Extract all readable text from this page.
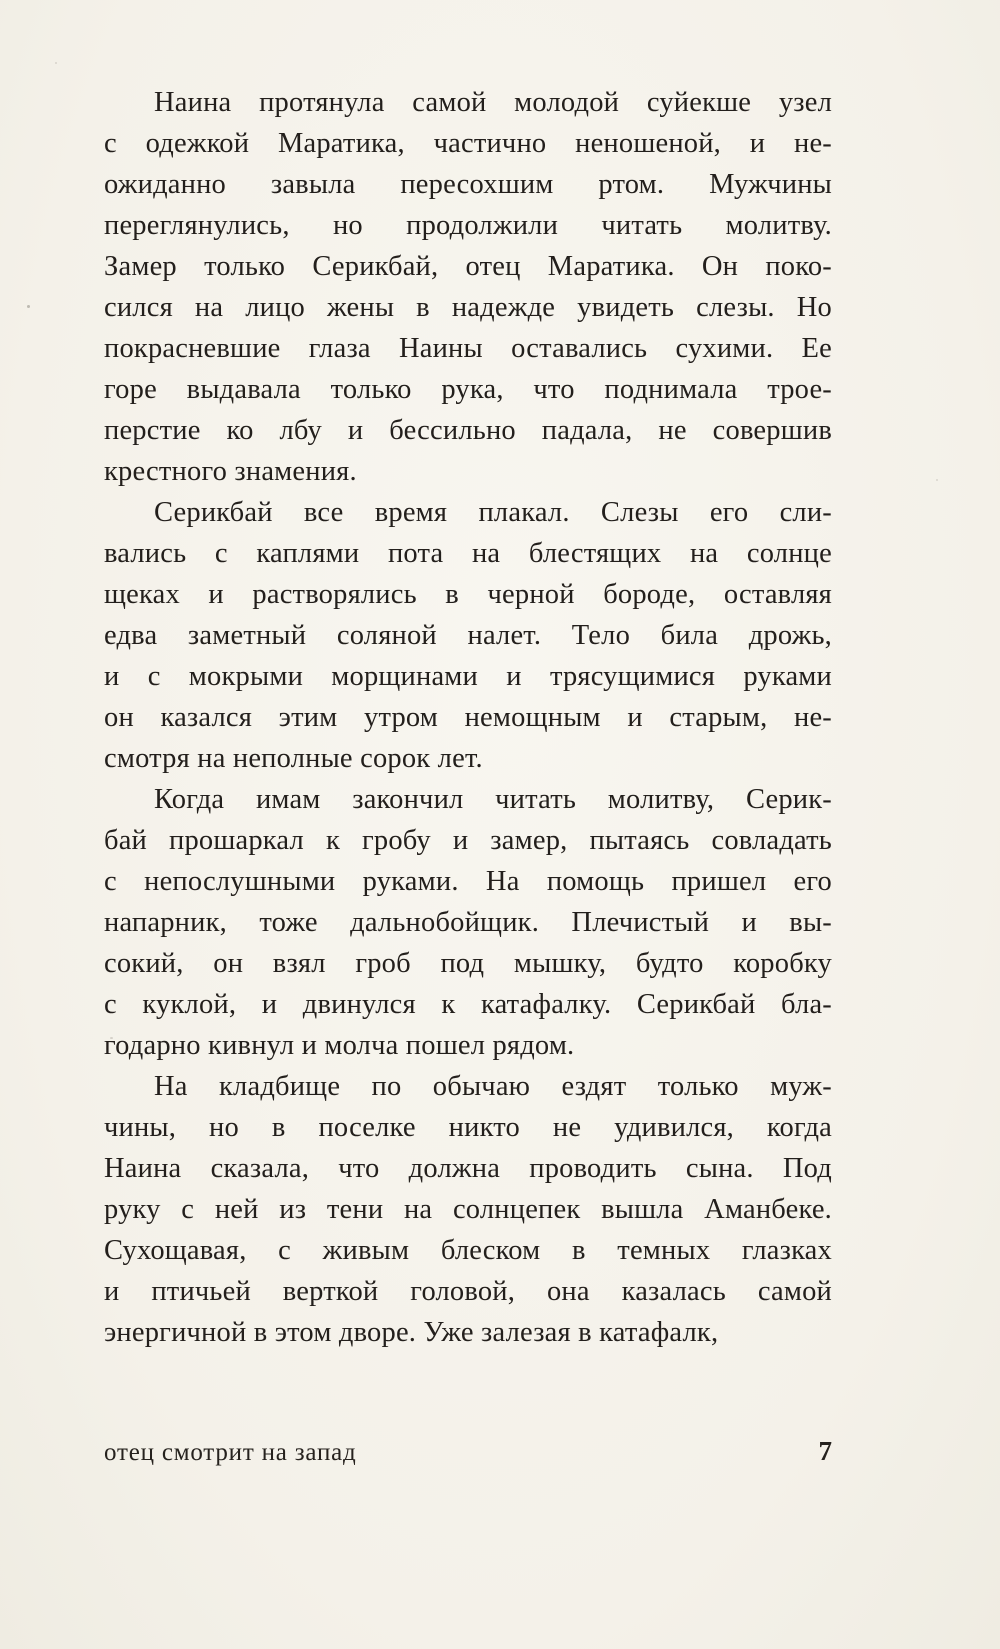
Наина протянула самой молодой суйекше узел
с одежкой Маратика, частично неношеной, и не-
ожиданно завыла пересохшим ртом. Мужчины
переглянулись, но продолжили читать молитву.
Замер только Серикбай, отец Маратика. Он поко-
сился на лицо жены в надежде увидеть слезы. Но
покрасневшие глаза Наины оставались сухими. Ее
горе выдавала только рука, что поднимала трое-
перстие ко лбу и бессильно падала, не совершив
крестного знамения.
Серикбай все время плакал. Слезы его сли-
вались с каплями пота на блестящих на солнце
щеках и растворялись в черной бороде, оставляя
едва заметный соляной налет. Тело била дрожь,
и с мокрыми морщинами и трясущимися руками
он казался этим утром немощным и старым, не-
смотря на неполные сорок лет.
Когда имам закончил читать молитву, Серик-
бай прошаркал к гробу и замер, пытаясь совладать
с непослушными руками. На помощь пришел его
напарник, тоже дальнобойщик. Плечистый и вы-
сокий, он взял гроб под мышку, будто коробку
с куклой, и двинулся к катафалку. Серикбай бла-
годарно кивнул и молча пошел рядом.
На кладбище по обычаю ездят только муж-
чины, но в поселке никто не удивился, когда
Наина сказала, что должна проводить сына. Под
руку с ней из тени на солнцепек вышла Аманбеке.
Сухощавая, с живым блеском в темных глазках
и птичьей верткой головой, она казалась самой
энергичной в этом дворе. Уже залезая в катафалк,
отец смотрит на запад	7
